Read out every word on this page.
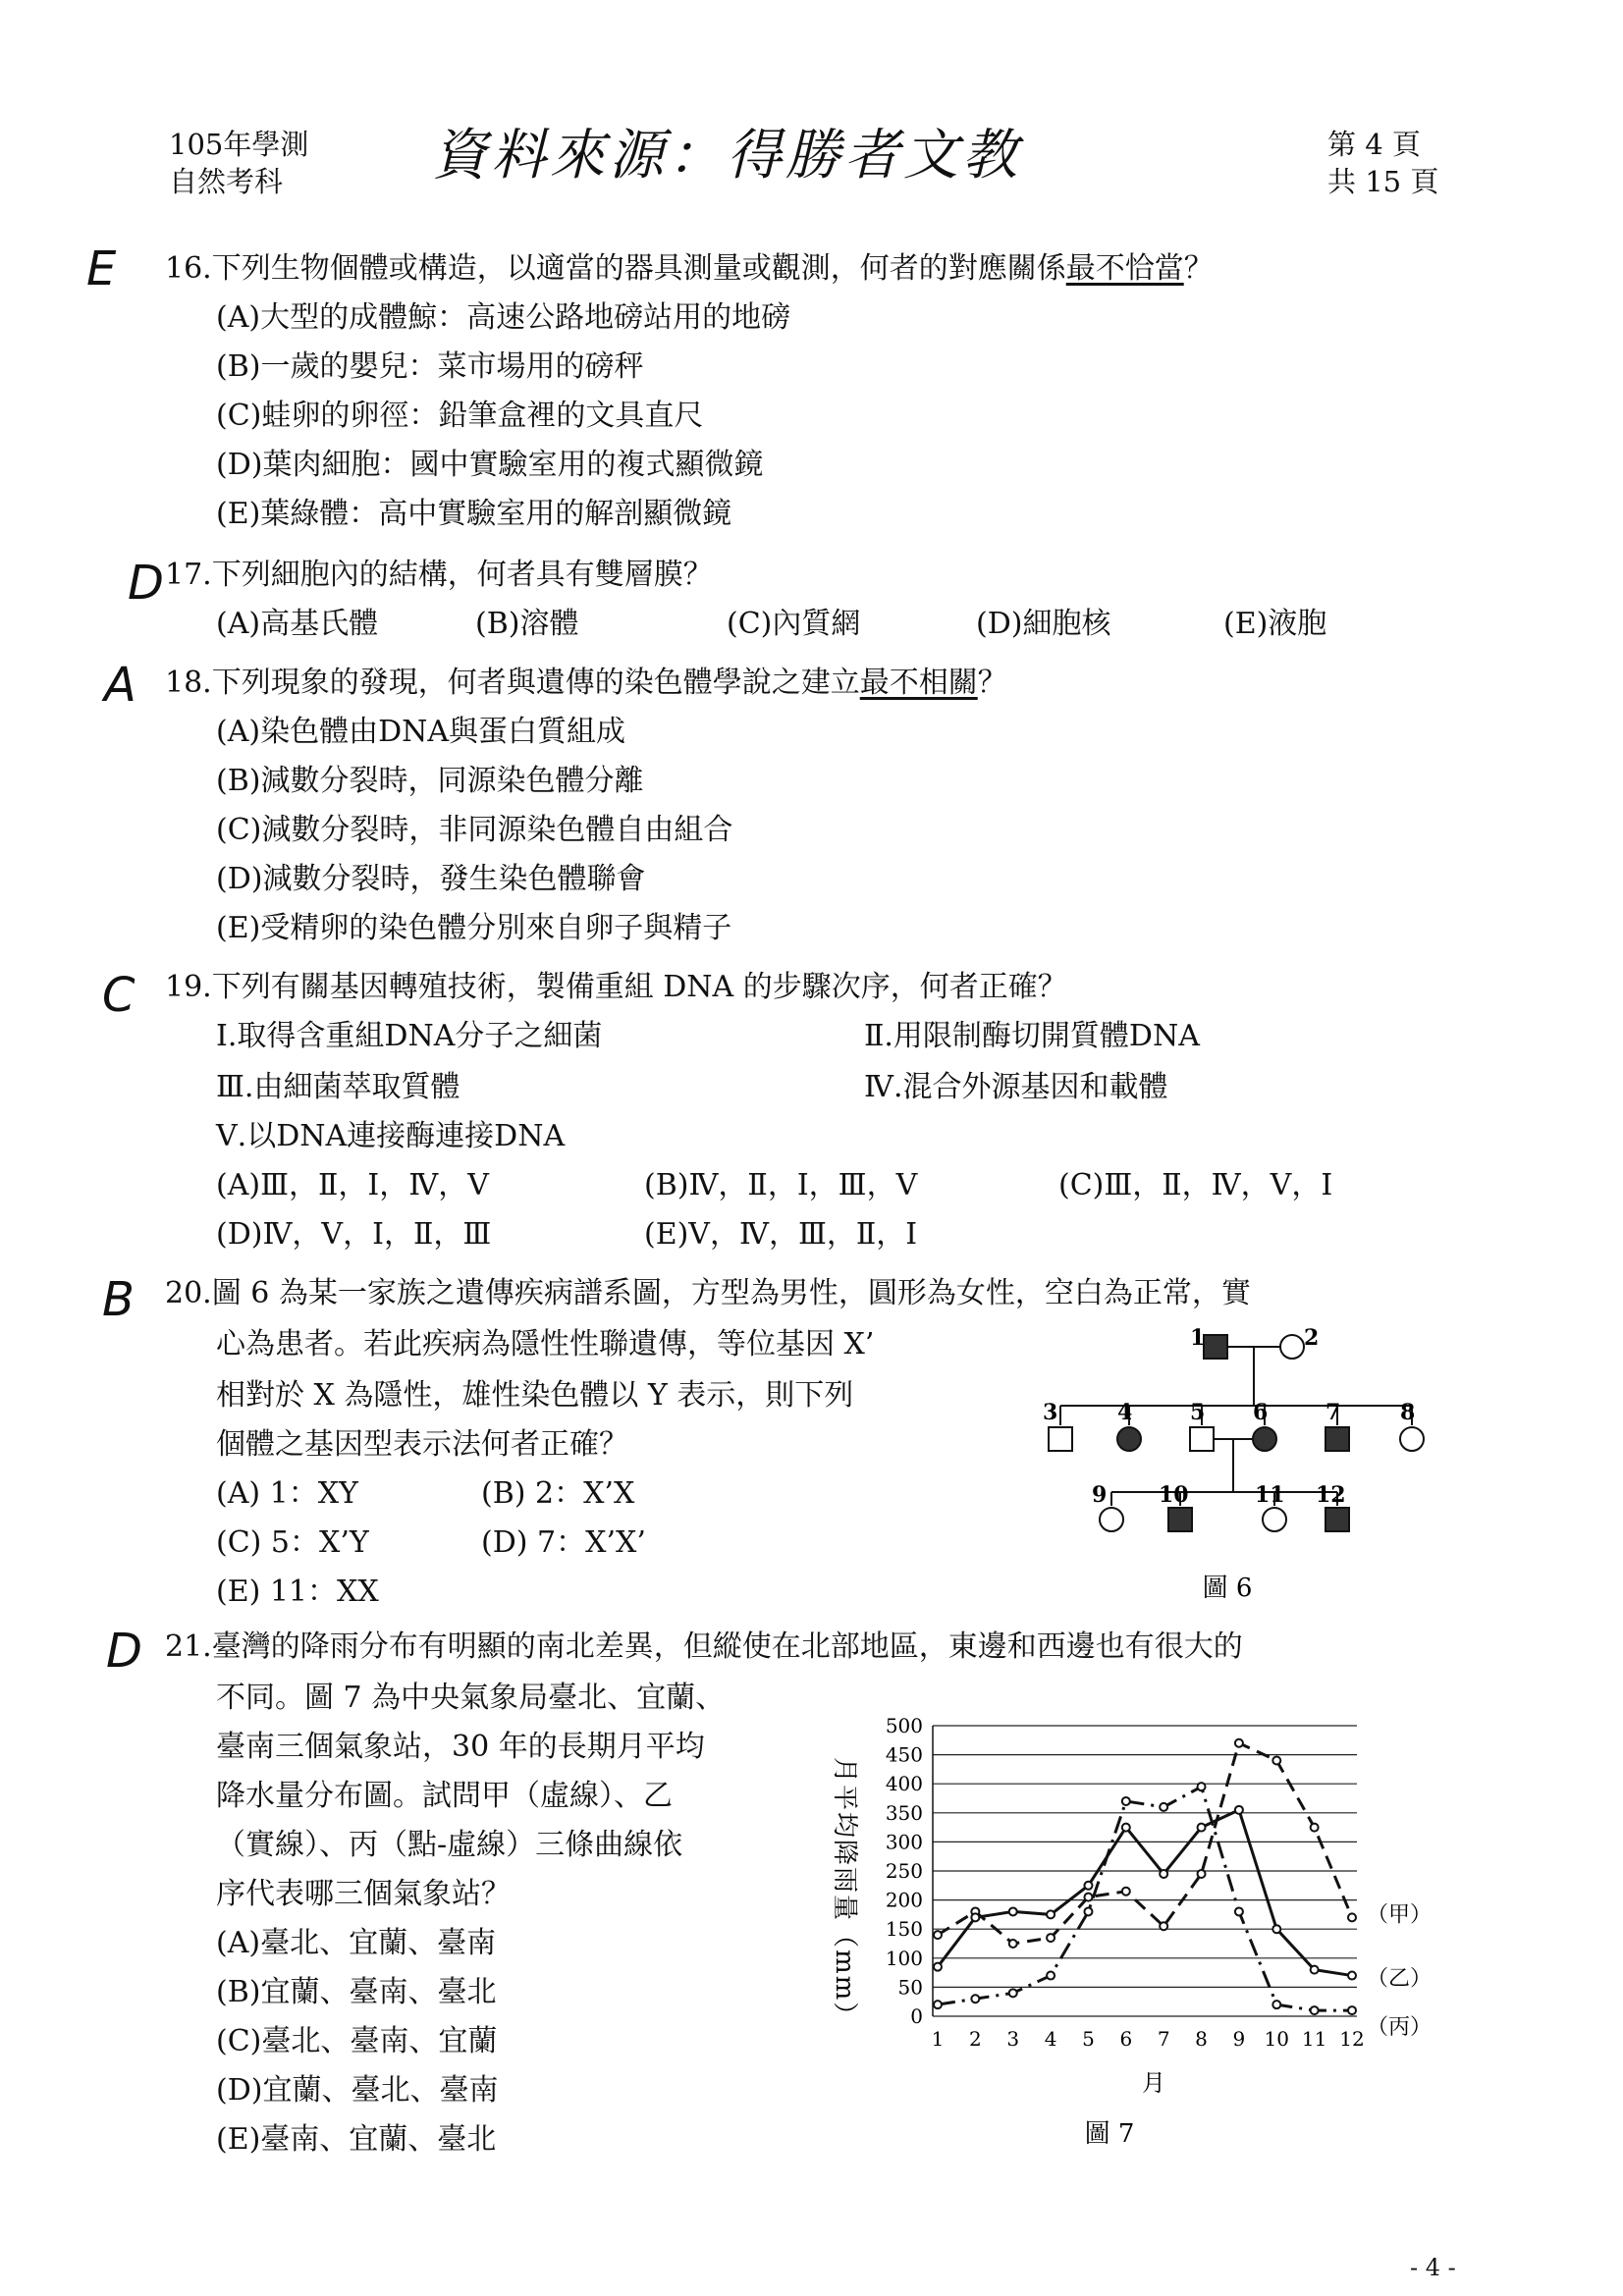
105年學測
自然考科	資料來源：得勝者文教	第 4 頁
共 15 頁
E 16.下列生物個體或構造，以適當的器具測量或觀測，何者的對應關係最不恰當？
(A)大型的成體鯨：高速公路地磅站用的地磅
(B)一歲的嬰兒：菜市場用的磅秤
(C)蛙卵的卵徑：鉛筆盒裡的文具直尺
(D)葉肉細胞：國中實驗室用的複式顯微鏡
(E)葉綠體：高中實驗室用的解剖顯微鏡
D 17.下列細胞內的結構，何者具有雙層膜？
(A)高基氏體	(B)溶體	(C)內質網	(D)細胞核	(E)液胞
A 18.下列現象的發現，何者與遺傳的染色體學說之建立最不相關？
(A)染色體由DNA與蛋白質組成
(B)減數分裂時，同源染色體分離
(C)減數分裂時，非同源染色體自由組合
(D)減數分裂時，發生染色體聯會
(E)受精卵的染色體分別來自卵子與精子
C 19.下列有關基因轉殖技術，製備重組 DNA 的步驟次序，何者正確？
Ⅰ.取得含重組DNA分子之細菌	Ⅱ.用限制酶切開質體DNA
Ⅲ.由細菌萃取質體	Ⅳ.混合外源基因和載體
Ⅴ.以DNA連接酶連接DNA
(A)Ⅲ，Ⅱ，Ⅰ，Ⅳ，Ⅴ	(B)Ⅳ，Ⅱ，Ⅰ，Ⅲ，Ⅴ	(C)Ⅲ，Ⅱ，Ⅳ，Ⅴ，Ⅰ
(D)Ⅳ，Ⅴ，Ⅰ，Ⅱ，Ⅲ	(E)Ⅴ，Ⅳ，Ⅲ，Ⅱ，Ⅰ
B 20.圖 6 為某一家族之遺傳疾病譜系圖，方型為男性，圓形為女性，空白為正常，實
心為患者。若此疾病為隱性性聯遺傳，等位基因 X’
相對於 X 為隱性，雄性染色體以 Y 表示，則下列
個體之基因型表示法何者正確？
(A) 1：XY	(B) 2：X’X
(C) 5：X’Y	(D) 7：X’X’
(E) 11：XX
1	2
3	4	5 6	7	8
9 10	11 12
圖 6
D 21.臺灣的降雨分布有明顯的南北差異，但縱使在北部地區，東邊和西邊也有很大的
不同。圖 7 為中央氣象局臺北、宜蘭、
臺南三個氣象站，30 年的長期月平均
降水量分布圖。試問甲（虛線）、乙
（實線）、丙（點-虛線）三條曲線依
序代表哪三個氣象站？
(A)臺北、宜蘭、臺南
(B)宜蘭、臺南、臺北
(C)臺北、臺南、宜蘭
(D)宜蘭、臺北、臺南
(E)臺南、宜蘭、臺北
月平均降雨量（mm）	0
50
100
150
200
250
300
350
400
450
500
1 2 3 4 5 6 7 8 9 10 11 12
（甲）
（乙）
（丙）
月
圖 7
- 4 -
